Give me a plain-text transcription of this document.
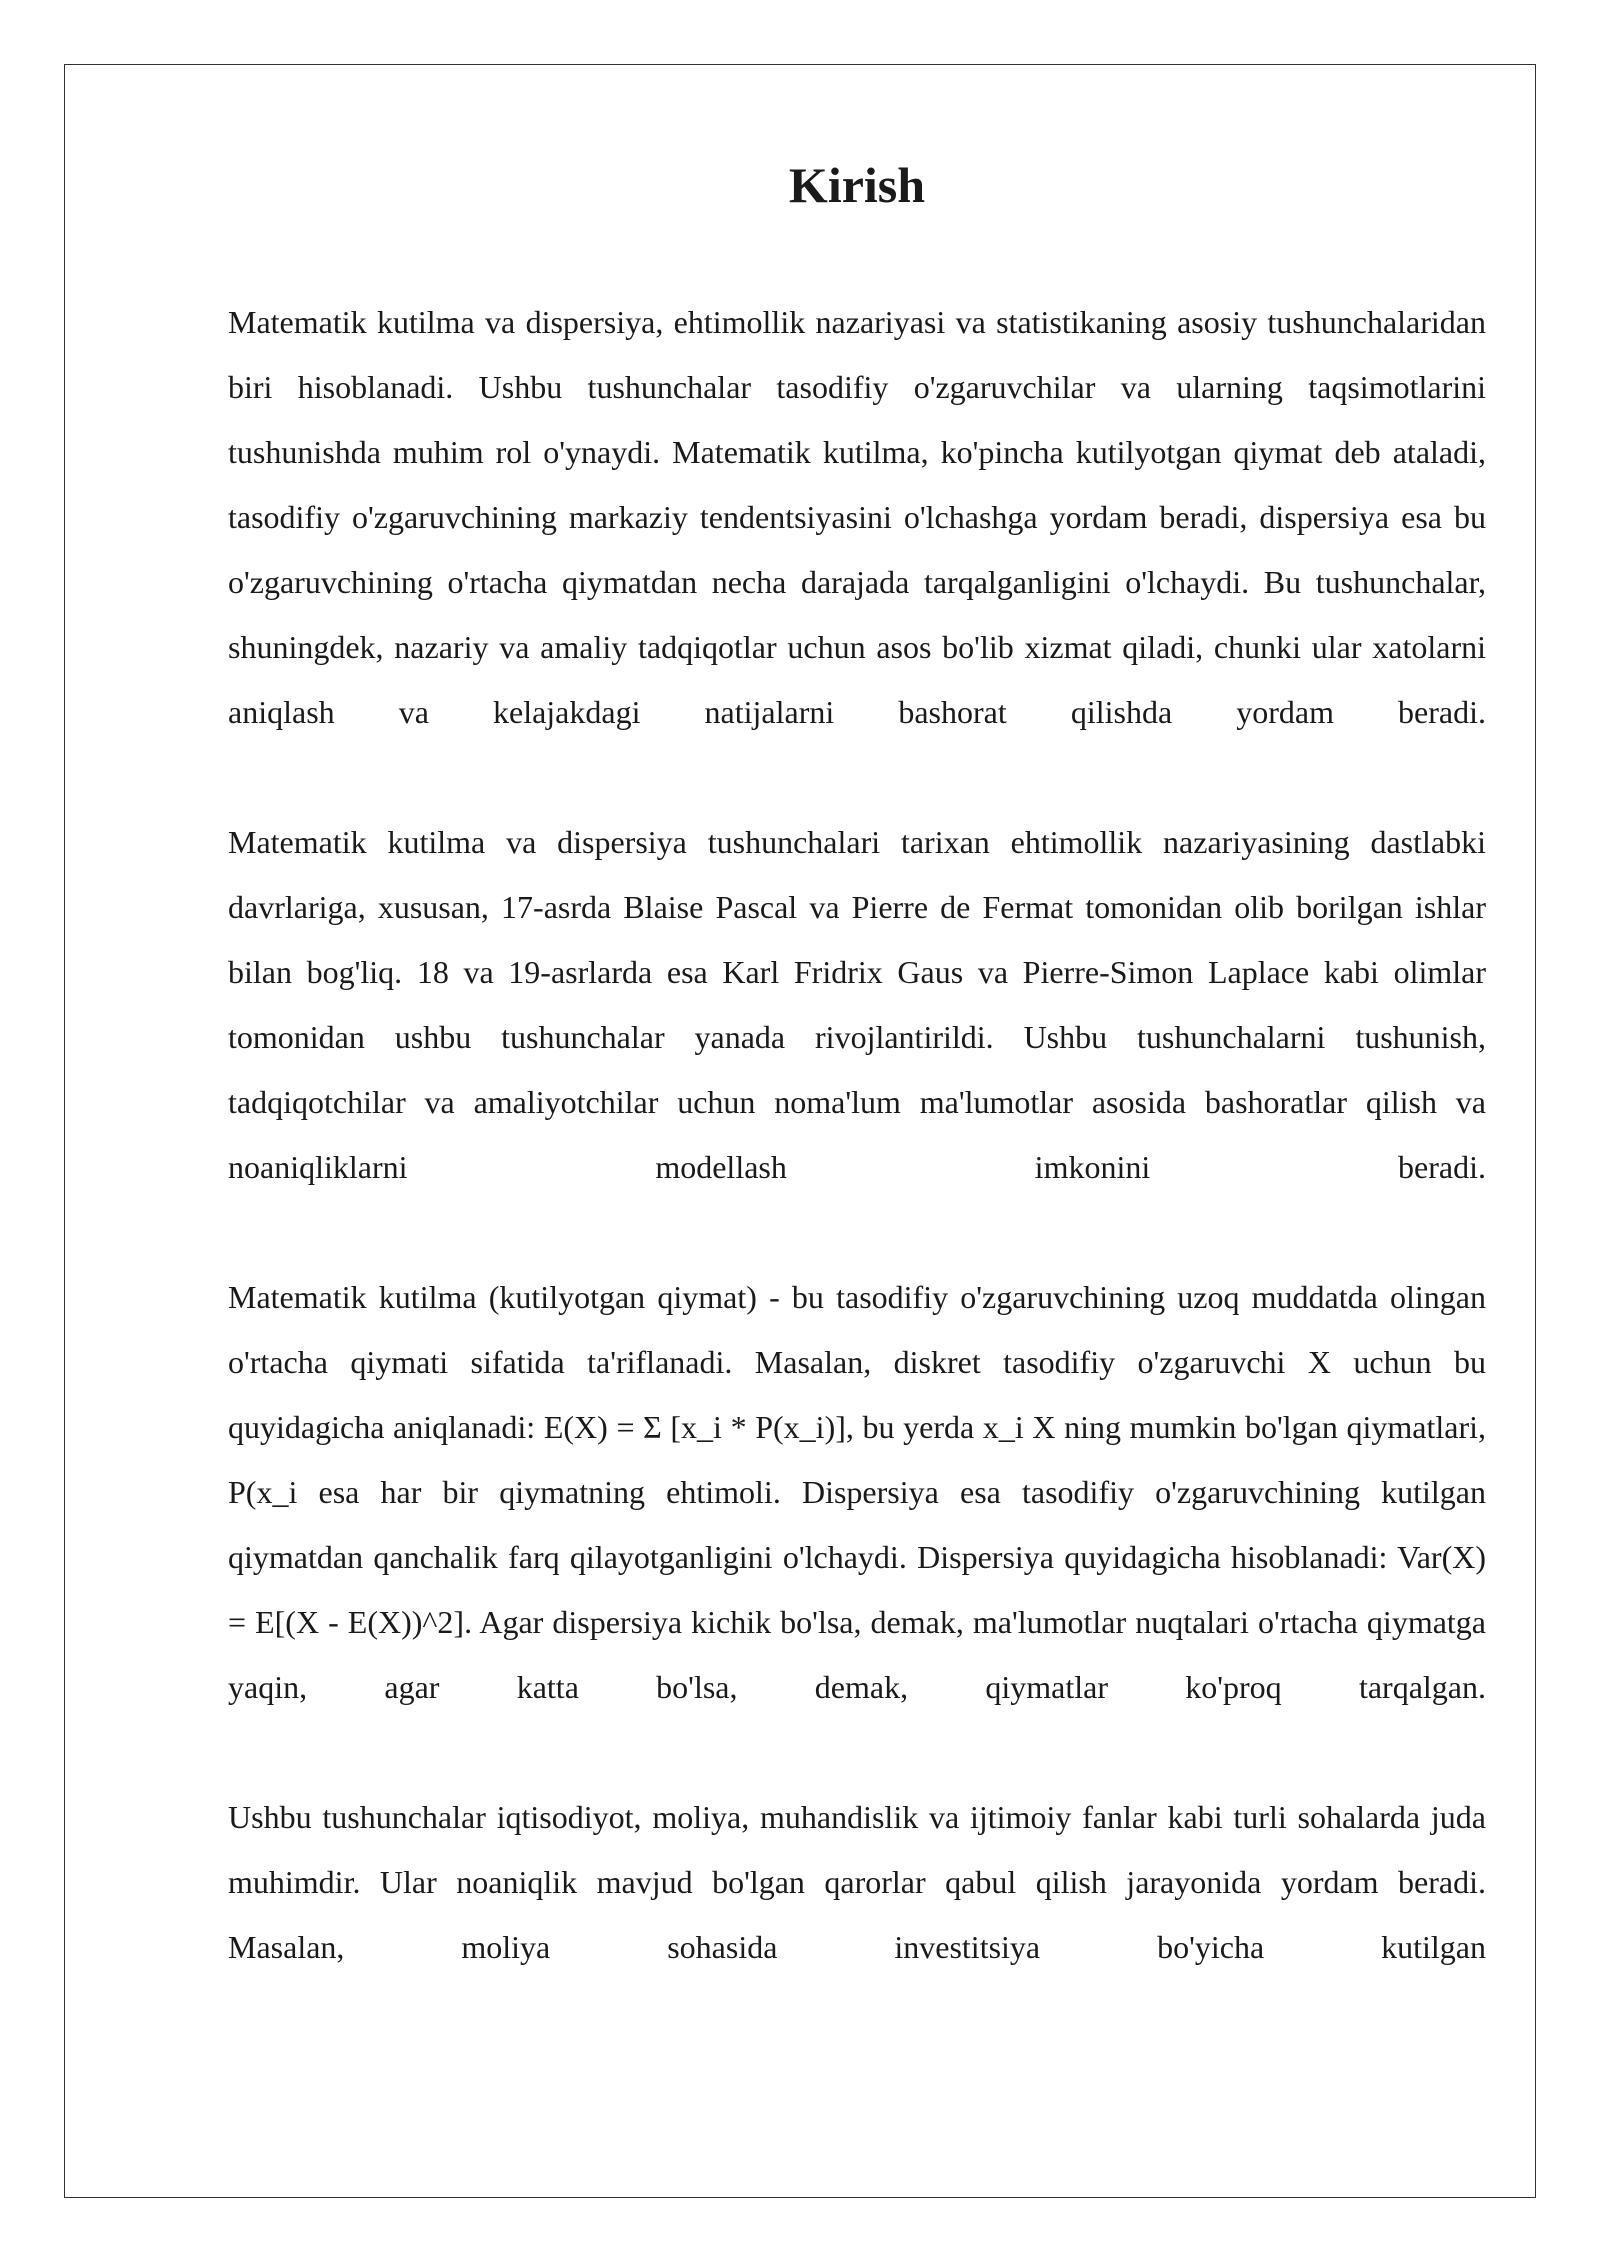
Kirish

Matematik kutilma va dispersiya, ehtimollik nazariyasi va statistikaning asosiy tushunchalaridan biri hisoblanadi. Ushbu tushunchalar tasodifiy o'zgaruvchilar va ularning taqsimotlarini tushunishda muhim rol o'ynaydi. Matematik kutilma, ko'pincha kutilyotgan qiymat deb ataladi, tasodifiy o'zgaruvchining markaziy tendentsiyasini o'lchashga yordam beradi, dispersiya esa bu o'zgaruvchining o'rtacha qiymatdan necha darajada tarqalganligini o'lchaydi. Bu tushunchalar, shuningdek, nazariy va amaliy tadqiqotlar uchun asos bo'lib xizmat qiladi, chunki ular xatolarni aniqlash va kelajakdagi natijalarni bashorat qilishda yordam beradi.

Matematik kutilma va dispersiya tushunchalari tarixan ehtimollik nazariyasining dastlabki davrlariga, xususan, 17-asrda Blaise Pascal va Pierre de Fermat tomonidan olib borilgan ishlar bilan bog'liq. 18 va 19-asrlarda esa Karl Fridrix Gaus va Pierre-Simon Laplace kabi olimlar tomonidan ushbu tushunchalar yanada rivojlantirildi. Ushbu tushunchalarni tushunish, tadqiqotchilar va amaliyotchilar uchun noma'lum ma'lumotlar asosida bashoratlar qilish va noaniqliklarni modellash imkonini beradi.

Matematik kutilma (kutilyotgan qiymat) - bu tasodifiy o'zgaruvchining uzoq muddatda olingan o'rtacha qiymati sifatida ta'riflanadi. Masalan, diskret tasodifiy o'zgaruvchi X uchun bu quyidagicha aniqlanadi: E(X) = Σ [x_i * P(x_i)], bu yerda x_i X ning mumkin bo'lgan qiymatlari, P(x_i esa har bir qiymatning ehtimoli. Dispersiya esa tasodifiy o'zgaruvchining kutilgan qiymatdan qanchalik farq qilayotganligini o'lchaydi. Dispersiya quyidagicha hisoblanadi: Var(X) = E[(X - E(X))^2]. Agar dispersiya kichik bo'lsa, demak, ma'lumotlar nuqtalari o'rtacha qiymatga yaqin, agar katta bo'lsa, demak, qiymatlar ko'proq tarqalgan.

Ushbu tushunchalar iqtisodiyot, moliya, muhandislik va ijtimoiy fanlar kabi turli sohalarda juda muhimdir. Ular noaniqlik mavjud bo'lgan qarorlar qabul qilish jarayonida yordam beradi. Masalan, moliya sohasida investitsiya bo'yicha kutilgan
